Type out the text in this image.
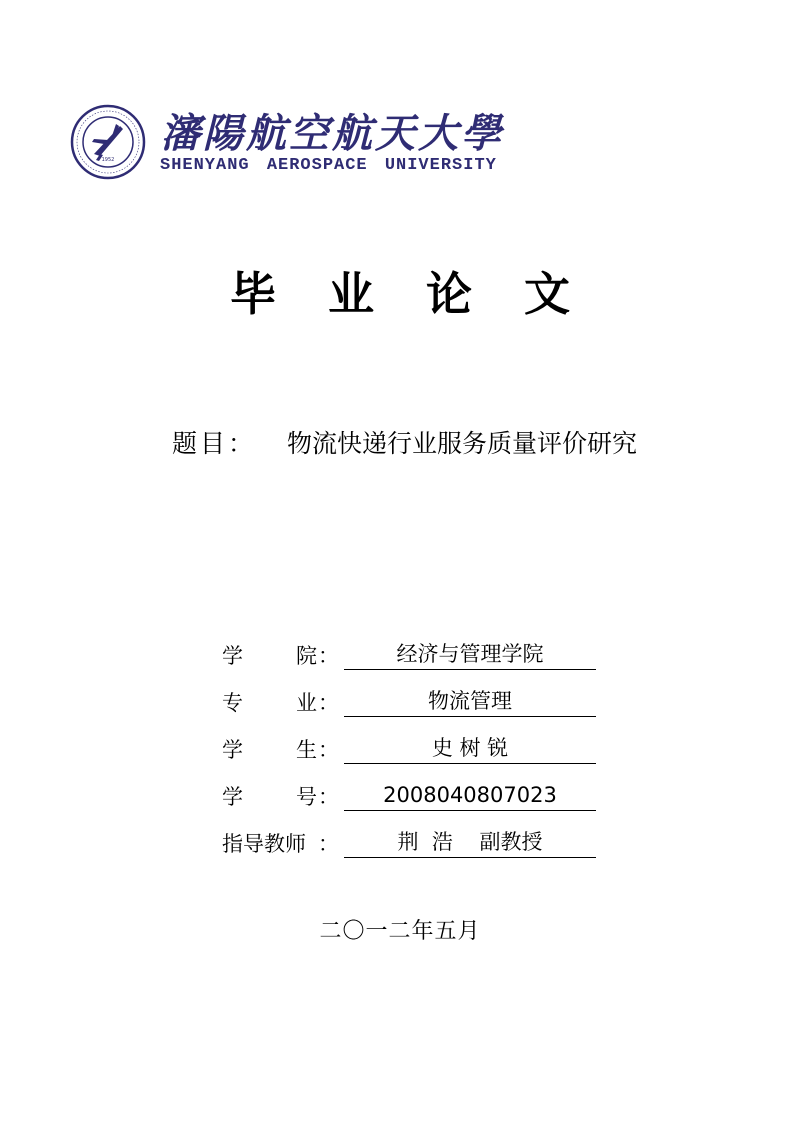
1952
瀋陽航空航天大學
SHENYANG AEROSPACE UNIVERSITY
毕业论文
题目： 物流快递行业服务质量评价研究
学	院 ：	经济与管理学院
专	业 ：	物流管理
学	生 ：	史 树 锐
学	号 ：	2008040807023
指导教师 ：	荆  浩    副教授
二〇一二年五月
